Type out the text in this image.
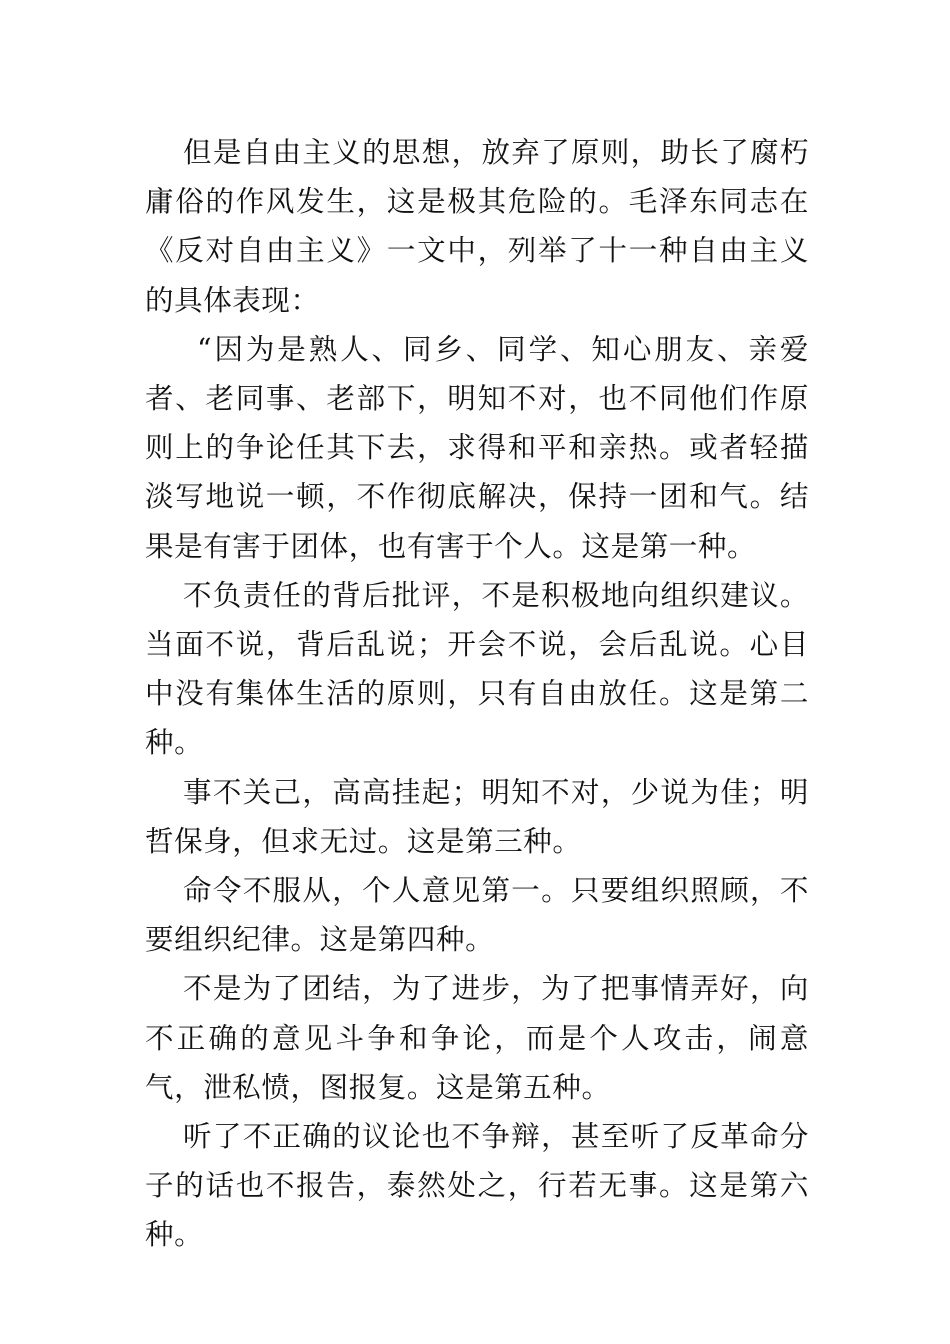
但是自由主义的思想，放弃了原则，助长了腐朽庸俗的作风发生，这是极其危险的。毛泽东同志在《反对自由主义》一文中，列举了十一种自由主义的具体表现：

“因为是熟人、同乡、同学、知心朋友、亲爱者、老同事、老部下，明知不对，也不同他们作原则上的争论任其下去，求得和平和亲热。或者轻描淡写地说一顿，不作彻底解决，保持一团和气。结果是有害于团体，也有害于个人。这是第一种。

不负责任的背后批评，不是积极地向组织建议。当面不说，背后乱说；开会不说，会后乱说。心目中没有集体生活的原则，只有自由放任。这是第二种。

事不关己，高高挂起；明知不对，少说为佳；明哲保身，但求无过。这是第三种。

命令不服从，个人意见第一。只要组织照顾，不要组织纪律。这是第四种。

不是为了团结，为了进步，为了把事情弄好，向不正确的意见斗争和争论，而是个人攻击，闹意气，泄私愤，图报复。这是第五种。

听了不正确的议论也不争辩，甚至听了反革命分子的话也不报告，泰然处之，行若无事。这是第六种。
